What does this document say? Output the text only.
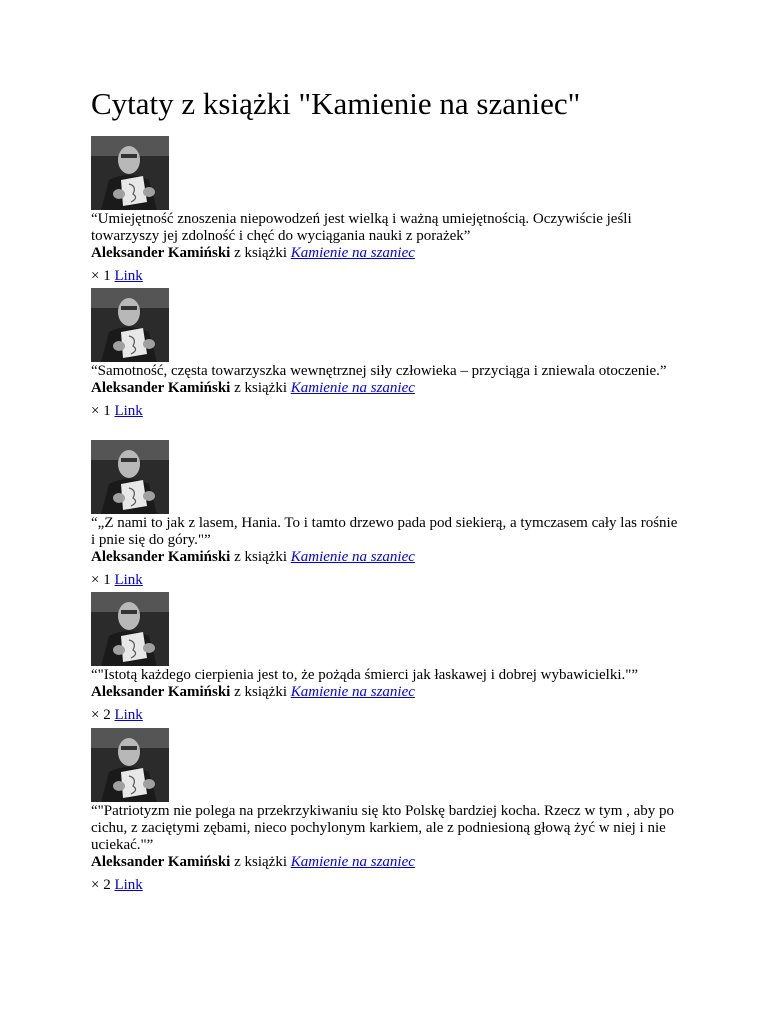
Cytaty z książki "Kamienie na szaniec"
“Umiejętność znoszenia niepowodzeń jest wielką i ważną umiejętnością. Oczywiście jeśli towarzyszy jej zdolność i chęć do wyciągania nauki z porażek”
Aleksander Kamiński z książki Kamienie na szaniec
× 1 Link
“Samotność, częsta towarzyszka wewnętrznej siły człowieka – przyciąga i zniewala otoczenie.”
Aleksander Kamiński z książki Kamienie na szaniec
× 1 Link
“„Z nami to jak z lasem, Hania. To i tamto drzewo pada pod siekierą, a tymczasem cały las rośnie i pnie się do góry."”
Aleksander Kamiński z książki Kamienie na szaniec
× 1 Link
“"Istotą każdego cierpienia jest to, że pożąda śmierci jak łaskawej i dobrej wybawicielki."”
Aleksander Kamiński z książki Kamienie na szaniec
× 2 Link
“"Patriotyzm nie polega na przekrzykiwaniu się kto Polskę bardziej kocha. Rzecz w tym , aby po cichu, z zaciętymi zębami, nieco pochylonym karkiem, ale z podniesioną głową żyć w niej i nie uciekać."”
Aleksander Kamiński z książki Kamienie na szaniec
× 2 Link
